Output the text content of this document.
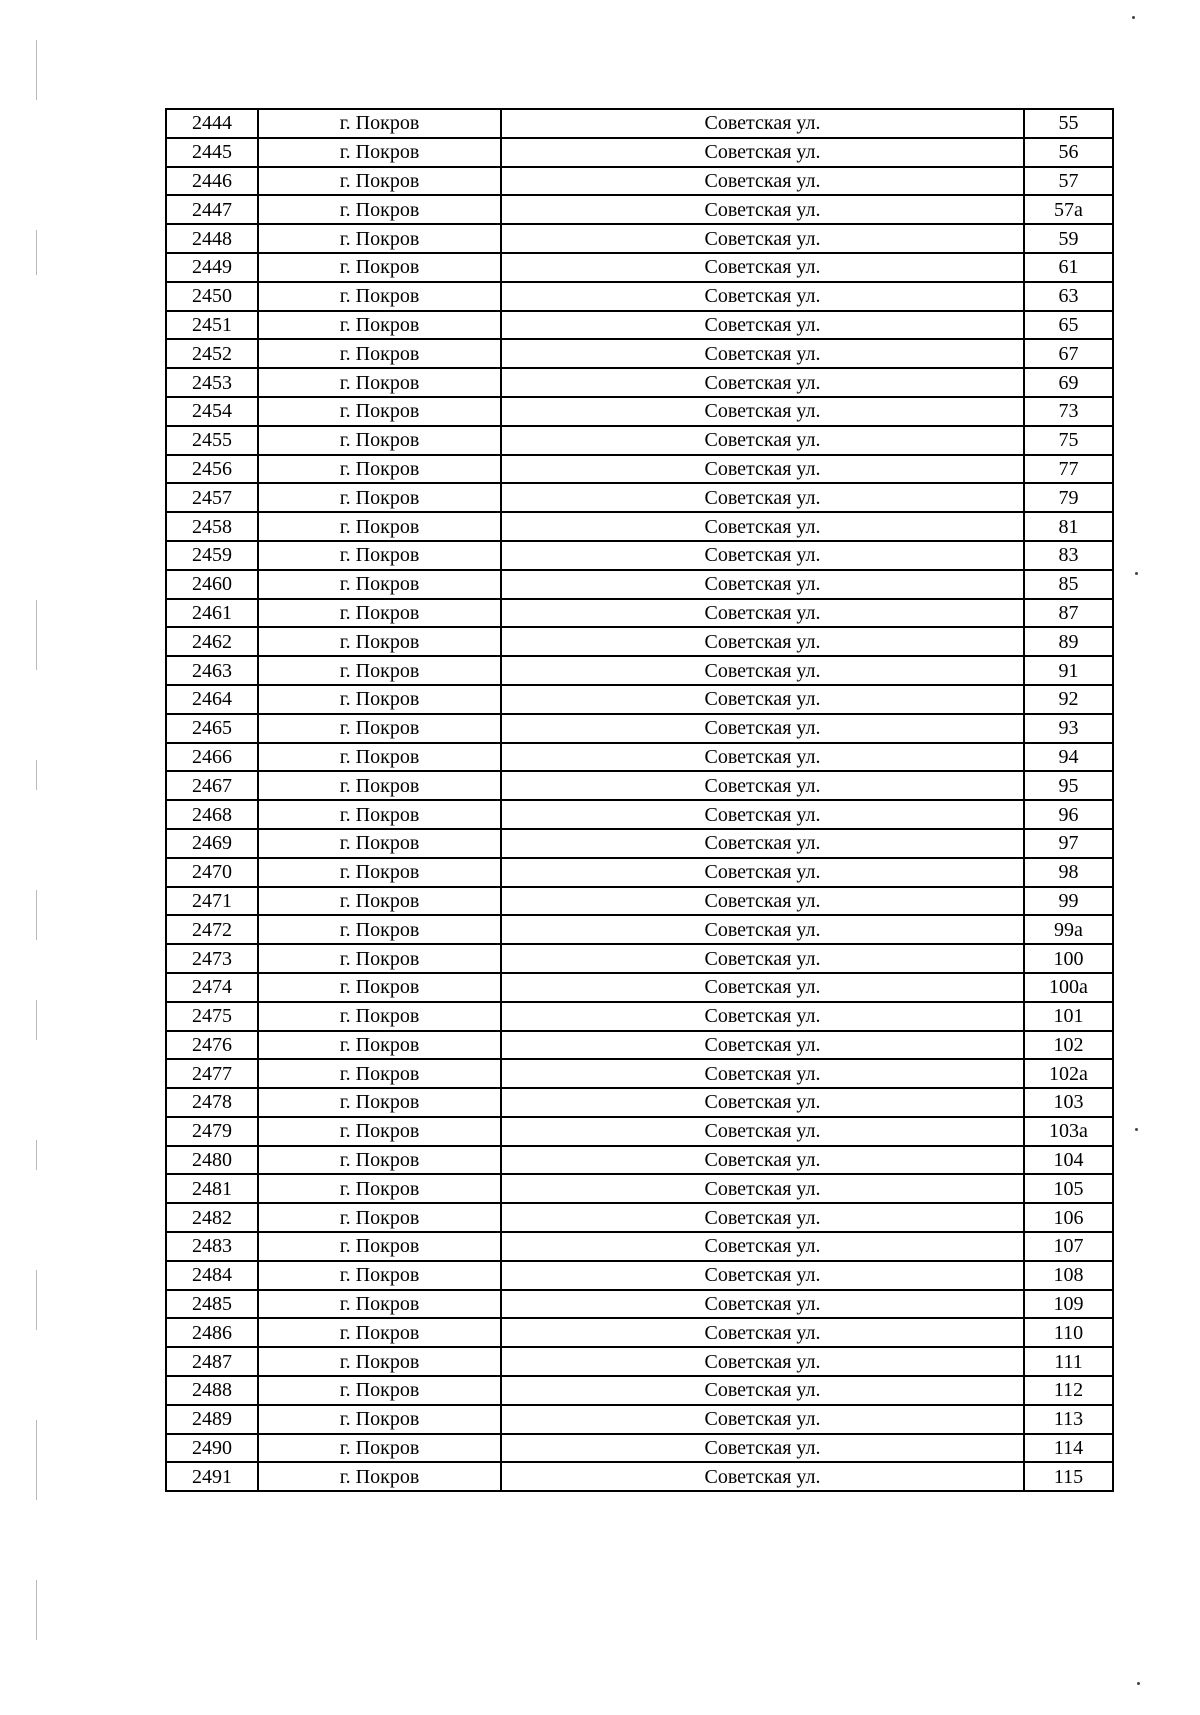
2444	г. Покров	Советская ул.	55
2445	г. Покров	Советская ул.	56
2446	г. Покров	Советская ул.	57
2447	г. Покров	Советская ул.	57а
2448	г. Покров	Советская ул.	59
2449	г. Покров	Советская ул.	61
2450	г. Покров	Советская ул.	63
2451	г. Покров	Советская ул.	65
2452	г. Покров	Советская ул.	67
2453	г. Покров	Советская ул.	69
2454	г. Покров	Советская ул.	73
2455	г. Покров	Советская ул.	75
2456	г. Покров	Советская ул.	77
2457	г. Покров	Советская ул.	79
2458	г. Покров	Советская ул.	81
2459	г. Покров	Советская ул.	83
2460	г. Покров	Советская ул.	85
2461	г. Покров	Советская ул.	87
2462	г. Покров	Советская ул.	89
2463	г. Покров	Советская ул.	91
2464	г. Покров	Советская ул.	92
2465	г. Покров	Советская ул.	93
2466	г. Покров	Советская ул.	94
2467	г. Покров	Советская ул.	95
2468	г. Покров	Советская ул.	96
2469	г. Покров	Советская ул.	97
2470	г. Покров	Советская ул.	98
2471	г. Покров	Советская ул.	99
2472	г. Покров	Советская ул.	99а
2473	г. Покров	Советская ул.	100
2474	г. Покров	Советская ул.	100а
2475	г. Покров	Советская ул.	101
2476	г. Покров	Советская ул.	102
2477	г. Покров	Советская ул.	102а
2478	г. Покров	Советская ул.	103
2479	г. Покров	Советская ул.	103а
2480	г. Покров	Советская ул.	104
2481	г. Покров	Советская ул.	105
2482	г. Покров	Советская ул.	106
2483	г. Покров	Советская ул.	107
2484	г. Покров	Советская ул.	108
2485	г. Покров	Советская ул.	109
2486	г. Покров	Советская ул.	110
2487	г. Покров	Советская ул.	111
2488	г. Покров	Советская ул.	112
2489	г. Покров	Советская ул.	113
2490	г. Покров	Советская ул.	114
2491	г. Покров	Советская ул.	115
